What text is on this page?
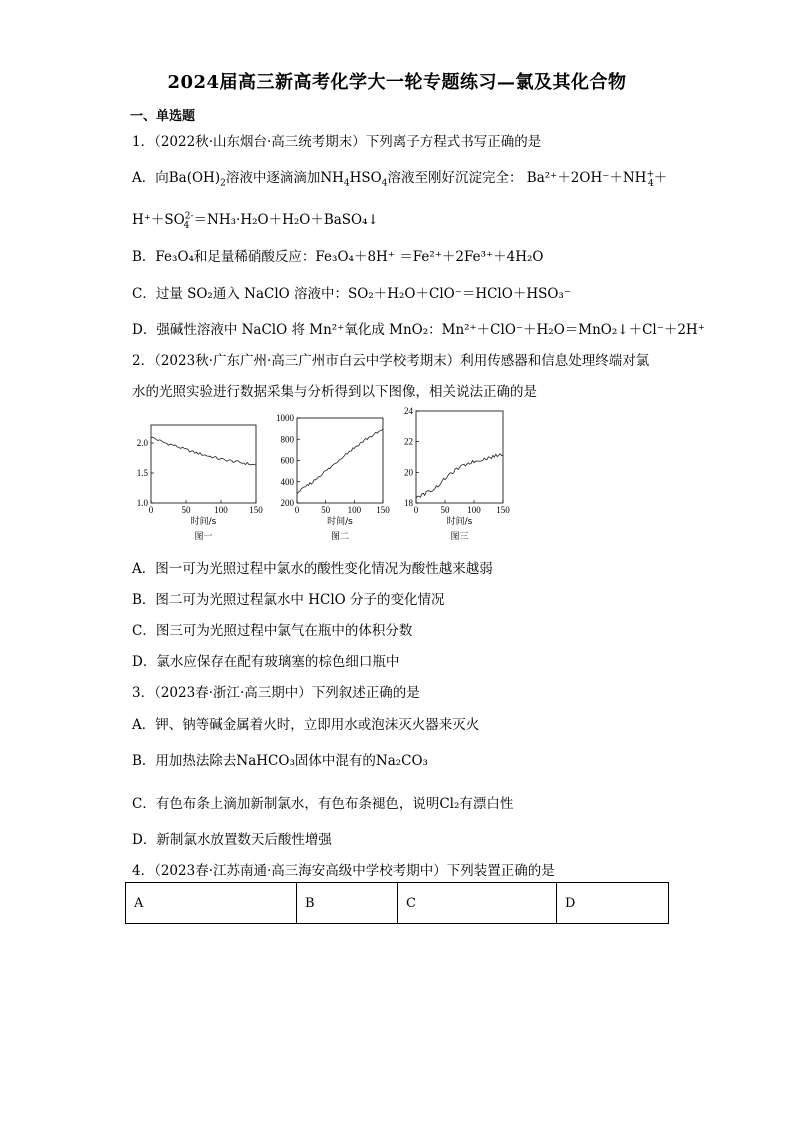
2024届高三新高考化学大一轮专题练习—氯及其化合物
一、单选题
1．（2022秋·山东烟台·高三统考期末）下列离子方程式书写正确的是
A．向$Ba(OH)_2$溶液中逐滴滴加$NH_4HSO_4$溶液至刚好沉淀完全： $Ba^{2+}+2OH^-+NH^+_4+$
$H^++SO^{2-}_4$ ＝NH₃·H₂O＋H₂O＋BaSO₄↓
B．Fe₃O₄和足量稀硝酸反应：Fe₃O₄＋8H⁺ ＝Fe²⁺＋2Fe³⁺＋4H₂O
C．过量 SO₂通入 NaClO 溶液中：SO₂＋H₂O＋ClO⁻＝HClO＋HSO₃⁻
D．强碱性溶液中 NaClO 将 Mn²⁺氧化成 MnO₂：Mn²⁺＋ClO⁻＋H₂O＝MnO₂↓＋Cl⁻＋2H⁺
2．（2023秋·广东广州·高三广州市白云中学校考期末）利用传感器和信息处理终端对氯
水的光照实验进行数据采集与分析得到以下图像，相关说法正确的是
1.0
1.5
2.0
0	50	100 150
时间/s
图一
200
400
600
800
1000
0 50 100 150
时间/s
图二
18
20
22
24
0 50 100 150
时间/s
图三
A．图一可为光照过程中氯水的酸性变化情况为酸性越来越弱
B．图二可为光照过程氯水中 HClO 分子的变化情况
C．图三可为光照过程中氯气在瓶中的体积分数
D．氯水应保存在配有玻璃塞的棕色细口瓶中
3．（2023春·浙江·高三期中）下列叙述正确的是
A．钾、钠等碱金属着火时，立即用水或泡沫灭火器来灭火
B．用加热法除去NaHCO₃固体中混有的Na₂CO₃
C．有色布条上滴加新制氯水，有色布条褪色，说明Cl₂有漂白性
D．新制氯水放置数天后酸性增强
4．（2023春·江苏南通·高三海安高级中学校考期中）下列装置正确的是
A	B	C	D
